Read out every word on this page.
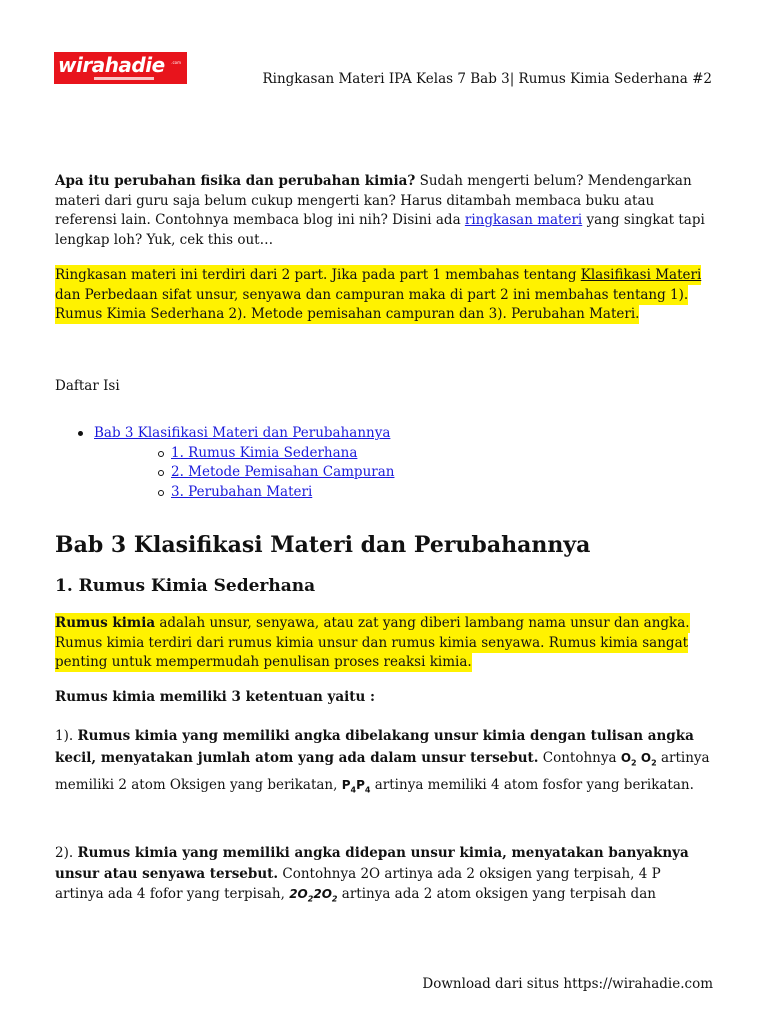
wirahadie	.com
Ringkasan Materi IPA Kelas 7 Bab 3| Rumus Kimia Sederhana #2

Apa itu perubahan fisika dan perubahan kimia? Sudah mengerti belum? Mendengarkan materi dari guru saja belum cukup mengerti kan? Harus ditambah membaca buku atau referensi lain. Contohnya membaca blog ini nih? Disini ada ringkasan materi yang singkat tapi lengkap loh? Yuk, cek this out…

Ringkasan materi ini terdiri dari 2 part. Jika pada part 1 membahas tentang Klasifikasi Materi dan Perbedaan sifat unsur, senyawa dan campuran maka di part 2 ini membahas tentang 1). Rumus Kimia Sederhana 2). Metode pemisahan campuran dan 3). Perubahan Materi.

Daftar Isi

Bab 3 Klasifikasi Materi dan Perubahannya
1. Rumus Kimia Sederhana
2. Metode Pemisahan Campuran
3. Perubahan Materi
Bab 3 Klasifikasi Materi dan Perubahannya
1. Rumus Kimia Sederhana

Rumus kimia adalah unsur, senyawa, atau zat yang diberi lambang nama unsur dan angka. Rumus kimia terdiri dari rumus kimia unsur dan rumus kimia senyawa. Rumus kimia sangat penting untuk mempermudah penulisan proses reaksi kimia.

Rumus kimia memiliki 3 ketentuan yaitu :

1). Rumus kimia yang memiliki angka dibelakang unsur kimia dengan tulisan angka kecil, menyatakan jumlah atom yang ada dalam unsur tersebut. Contohnya $O_2$ $O_2$ artinya memiliki 2 atom Oksigen yang berikatan, $P_4P_4$ artinya memiliki 4 atom fosfor yang berikatan.

2). Rumus kimia yang memiliki angka didepan unsur kimia, menyatakan banyaknya unsur atau senyawa tersebut. Contohnya 2O artinya ada 2 oksigen yang terpisah, 4 P artinya ada 4 fofor yang terpisah, $2O_22O_2$ artinya ada 2 atom oksigen yang terpisah dan

Download dari situs https://wirahadie.com
